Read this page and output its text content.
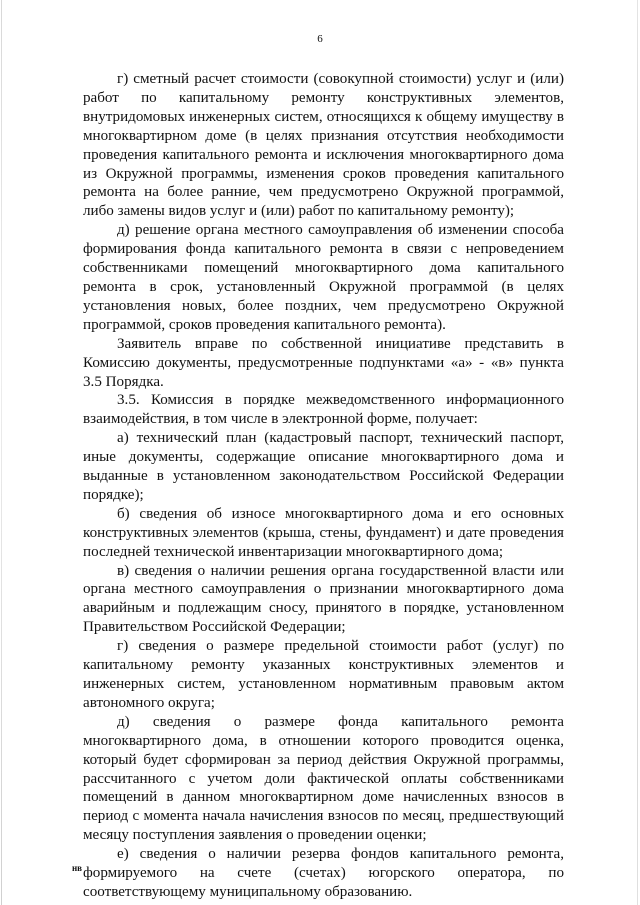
6

г) сметный расчет стоимости (совокупной стоимости) услуг и (или) работ по капитальному ремонту конструктивных элементов, внутридомовых инженерных систем, относящихся к общему имуществу в многоквартирном доме (в целях признания отсутствия необходимости проведения капитального ремонта и исключения многоквартирного дома из Окружной программы, изменения сроков проведения капитального ремонта на более ранние, чем предусмотрено Окружной программой, либо замены видов услуг и (или) работ по капитальному ремонту);

д) решение органа местного самоуправления об изменении способа формирования фонда капитального ремонта в связи с непроведением собственниками помещений многоквартирного дома капитального ремонта в срок, установленный Окружной программой (в целях установления новых, более поздних, чем предусмотрено Окружной программой, сроков проведения капитального ремонта).

Заявитель вправе по собственной инициативе представить в Комиссию документы, предусмотренные подпунктами «а» - «в» пункта 3.5 Порядка.

3.5. Комиссия в порядке межведомственного информационного взаимодействия, в том числе в электронной форме, получает:

а) технический план (кадастровый паспорт, технический паспорт, иные документы, содержащие описание многоквартирного дома и выданные в установленном законодательством Российской Федерации порядке);

б) сведения об износе многоквартирного дома и его основных конструктивных элементов (крыша, стены, фундамент) и дате проведения последней технической инвентаризации многоквартирного дома;

в) сведения о наличии решения органа государственной власти или органа местного самоуправления о признании многоквартирного дома аварийным и подлежащим сносу, принятого в порядке, установленном Правительством Российской Федерации;

г) сведения о размере предельной стоимости работ (услуг) по капитальному ремонту указанных конструктивных элементов и инженерных систем, установленном нормативным правовым актом автономного округа;

д) сведения о размере фонда капитального ремонта многоквартирного дома, в отношении которого проводится оценка, который будет сформирован за период действия Окружной программы, рассчитанного с учетом доли фактической оплаты собственниками помещений в данном многоквартирном доме начисленных взносов в период с момента начала начисления взносов по месяц, предшествующий месяцу поступления заявления о проведении оценки;

е) сведения о наличии резерва фондов капитального ремонта, формируемого на счете (счетах) югорского оператора, по соответствующему муниципальному образованию.

нв
